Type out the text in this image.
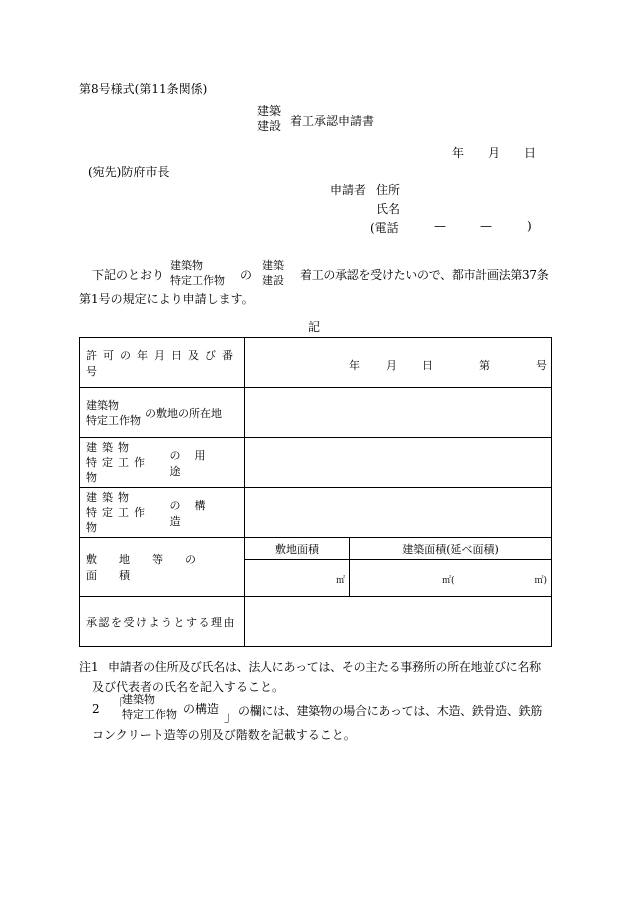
第8号様式(第11条関係)
建築
建設 着工承認申請書
年 月 日
(宛先)防府市長
申請者 住所
氏名
(電話	—	—	)
下記のとおり
建築物
特定工作物 の
建築
建設 着工の承認を受けたいので、都市計画法第37条
第1号の規定により申請します。
記
許可の年月日及び番号	年 月 日 第 号	

建築物
特定工作物
の敷地の所在地		

建築物
特定工作物
の用途		

建築物
特定工作物
の構造		

敷地等の面積	敷地面積	建築面積(延べ面積)

	㎡	㎡( ㎡)

承認を受けようとする理由		

注1 申請者の住所及び氏名は、法人にあっては、その主たる事務所の所在地並びに名称
及び代表者の氏名を記入すること。
2 「
建築物
特定工作物 の構造
」 の欄には、建築物の場合にあっては、木造、鉄骨造、鉄筋
コンクリート造等の別及び階数を記載すること。
